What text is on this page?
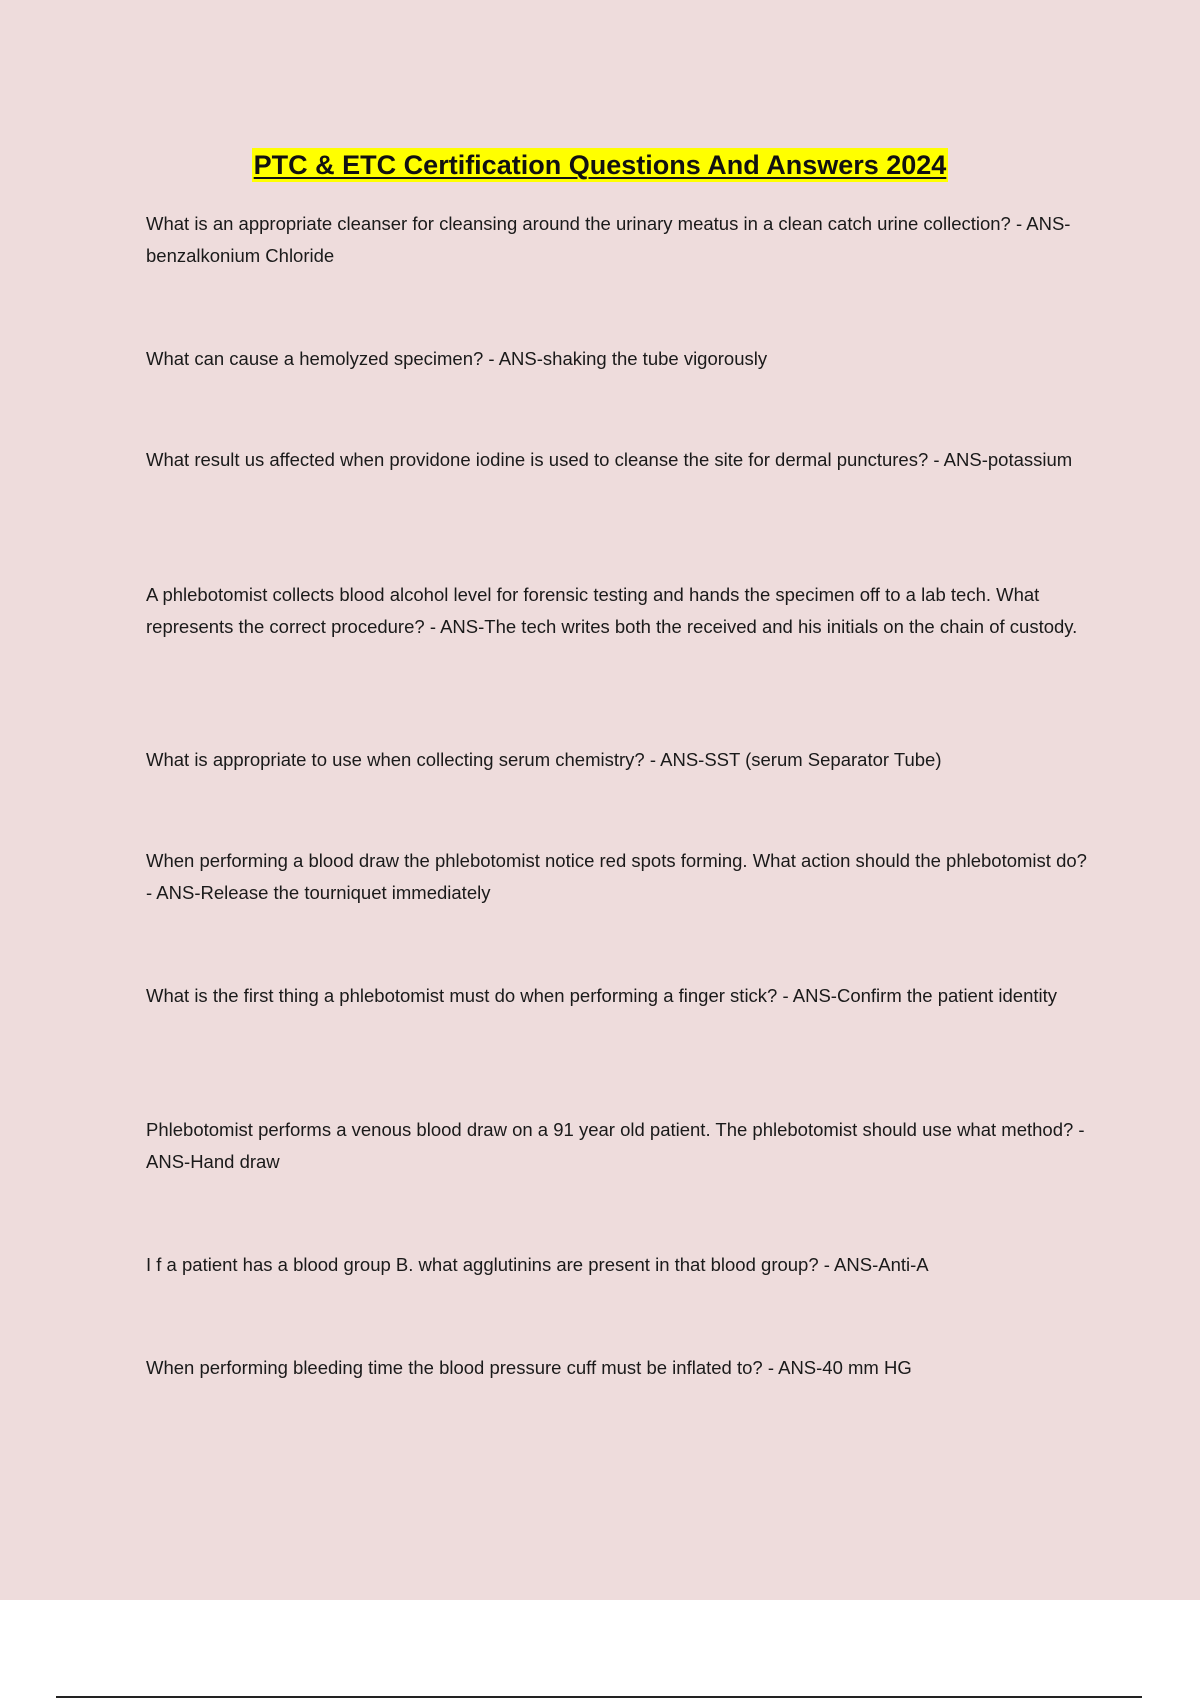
PTC & ETC Certification Questions And Answers 2024

What is an appropriate cleanser for cleansing around the urinary meatus in a clean catch urine collection? - ANS-benzalkonium Chloride

What can cause a hemolyzed specimen? - ANS-shaking the tube vigorously

What result us affected when providone iodine is used to cleanse the site for dermal punctures? - ANS-potassium

A phlebotomist collects blood alcohol level for forensic testing and hands the specimen off to a lab tech. What represents the correct procedure? - ANS-The tech writes both the received and his initials on the chain of custody.

What is appropriate to use when collecting serum chemistry? - ANS-SST (serum Separator Tube)

When performing a blood draw the phlebotomist notice red spots forming. What action should the phlebotomist do? - ANS-Release the tourniquet immediately

What is the first thing a phlebotomist must do when performing a finger stick? - ANS-Confirm the patient identity

Phlebotomist performs a venous blood draw on a 91 year old patient. The phlebotomist should use what method? - ANS-Hand draw

I f a patient has a blood group B. what agglutinins are present in that blood group? - ANS-Anti-A

When performing bleeding time the blood pressure cuff must be inflated to? - ANS-40 mm HG
